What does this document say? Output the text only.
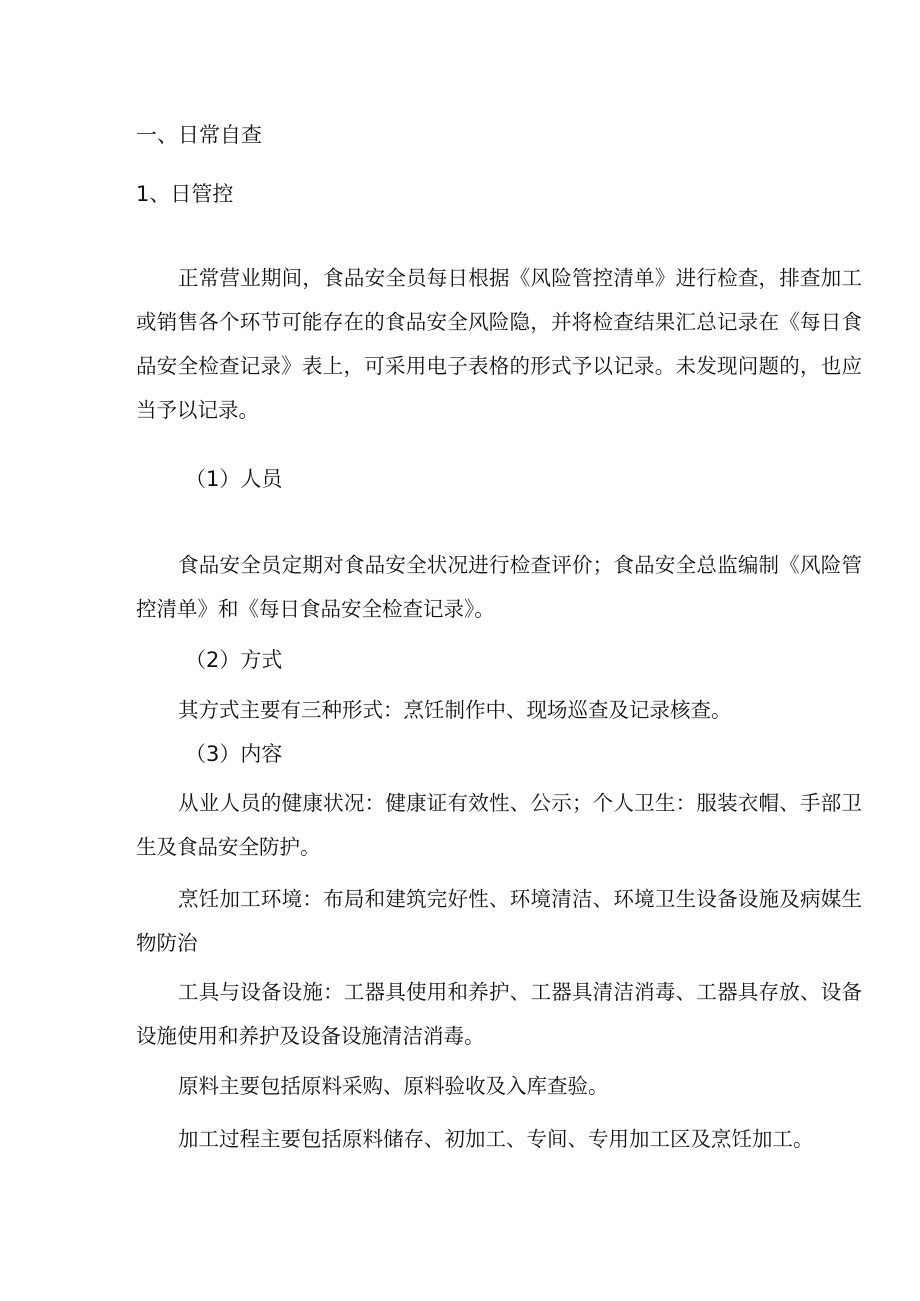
一、日常自查
1、日管控

正常营业期间，食品安全员每日根据《风险管控清单》进行检查，排查加工或销售各个环节可能存在的食品安全风险隐，并将检查结果汇总记录在《每日食品安全检查记录》表上，可采用电子表格的形式予以记录。未发现问题的，也应当予以记录。

（1）人员

食品安全员定期对食品安全状况进行检查评价；食品安全总监编制《风险管控清单》和《每日食品安全检查记录》。

（2）方式

其方式主要有三种形式：烹饪制作中、现场巡查及记录核查。

（3）内容

从业人员的健康状况：健康证有效性、公示；个人卫生：服装衣帽、手部卫生及食品安全防护。

烹饪加工环境：布局和建筑完好性、环境清洁、环境卫生设备设施及病媒生物防治

工具与设备设施：工器具使用和养护、工器具清洁消毒、工器具存放、设备设施使用和养护及设备设施清洁消毒。

原料主要包括原料采购、原料验收及入库查验。

加工过程主要包括原料储存、初加工、专间、专用加工区及烹饪加工。
